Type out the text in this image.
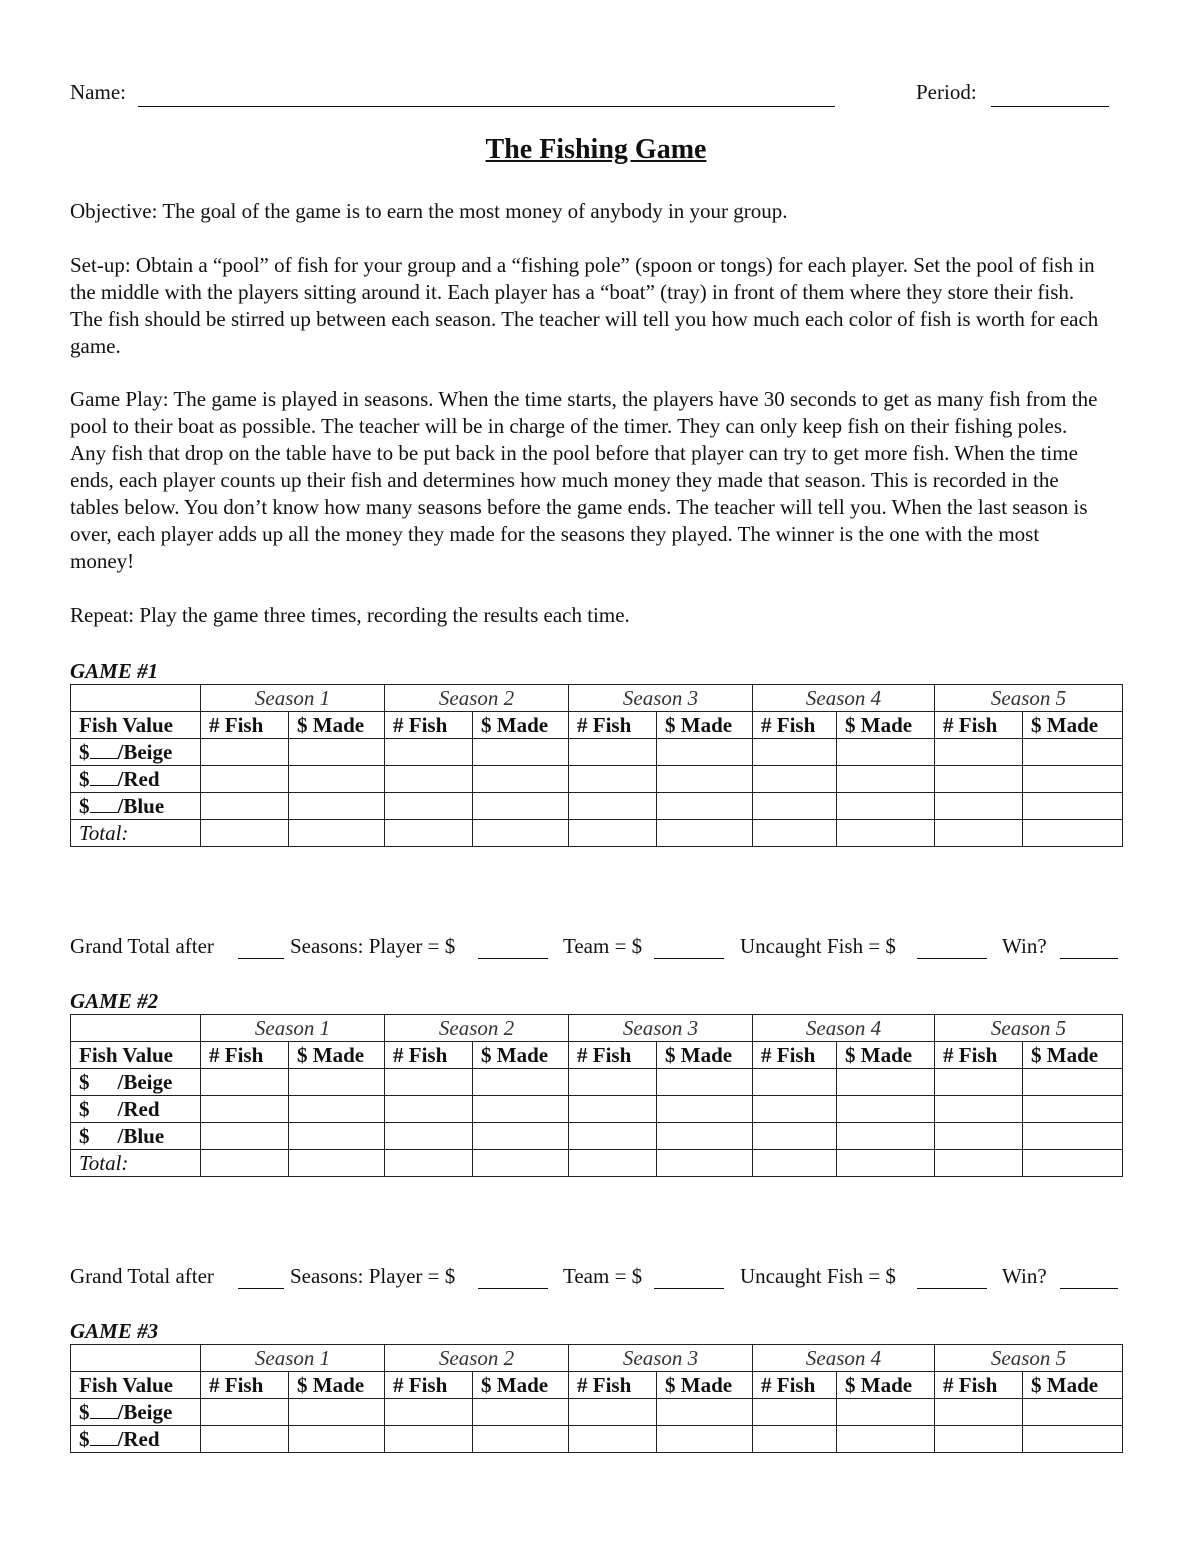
Name:	Period:
The Fishing Game

Objective: The goal of the game is to earn the most money of anybody in your group.

Set-up: Obtain a “pool” of fish for your group and a “fishing pole” (spoon or tongs) for each player. Set the pool of fish in the middle with the players sitting around it. Each player has a “boat” (tray) in front of them where they store their fish. The fish should be stirred up between each season. The teacher will tell you how much each color of fish is worth for each game.

Game Play: The game is played in seasons. When the time starts, the players have 30 seconds to get as many fish from the pool to their boat as possible. The teacher will be in charge of the timer. They can only keep fish on their fishing poles. Any fish that drop on the table have to be put back in the pool before that player can try to get more fish. When the time ends, each player counts up their fish and determines how much money they made that season. This is recorded in the tables below. You don’t know how many seasons before the game ends. The teacher will tell you. When the last season is over, each player adds up all the money they made for the seasons they played. The winner is the one with the most money!

Repeat: Play the game three times, recording the results each time.

GAME #1
	Season 1		Season 2		Season 3		Season 4		Season 5	
Fish Value	# Fish	$ Made	# Fish	$ Made	# Fish	$ Made	# Fish	$ Made	# Fish	$ Made
$ /Beige										
$ /Red										
$ /Blue										
Total:										
Grand Total after	Seasons: Player = $	Team = $	Uncaught Fish = $	Win?
GAME #2
	Season 1		Season 2		Season 3		Season 4		Season 5	
Fish Value	# Fish	$ Made	# Fish	$ Made	# Fish	$ Made	# Fish	$ Made	# Fish	$ Made
$ /Beige										
$ /Red										
$ /Blue										
Total:										
Grand Total after	Seasons: Player = $	Team = $	Uncaught Fish = $	Win?
GAME #3
	Season 1		Season 2		Season 3		Season 4		Season 5	
Fish Value	# Fish	$ Made	# Fish	$ Made	# Fish	$ Made	# Fish	$ Made	# Fish	$ Made
$ /Beige										
$ /Red										
